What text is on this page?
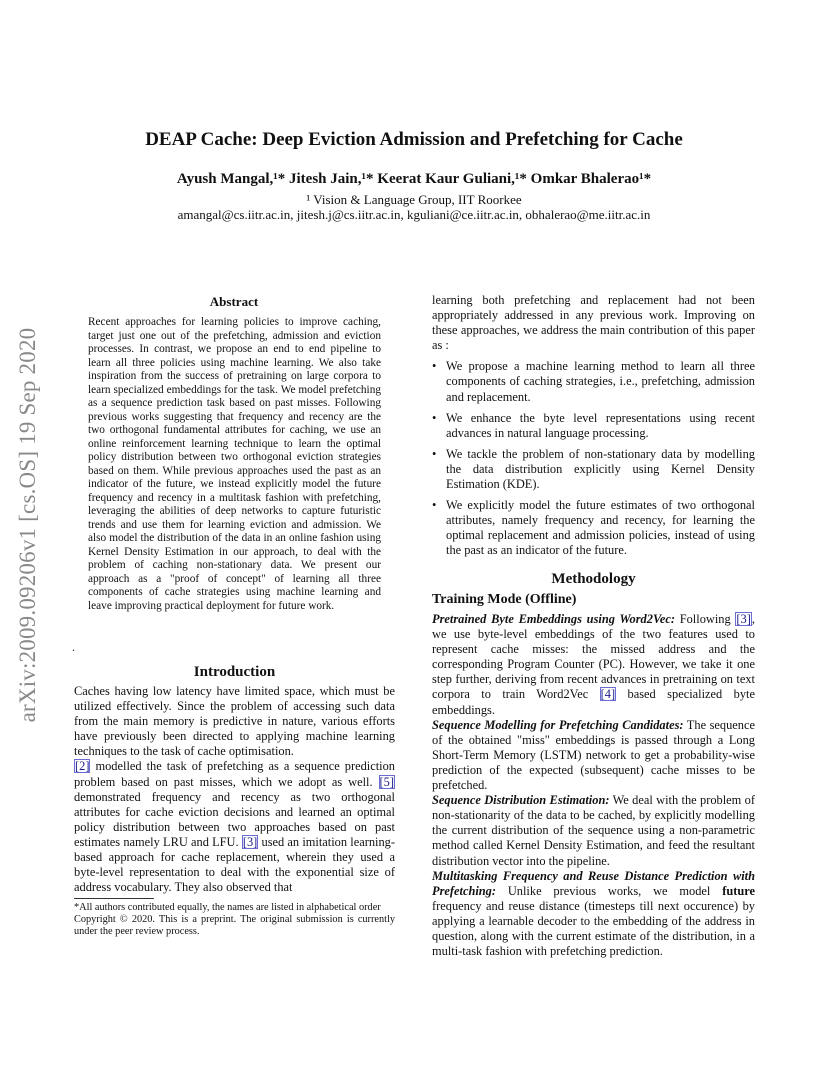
arXiv:2009.09206v1 [cs.OS] 19 Sep 2020
DEAP Cache: Deep Eviction Admission and Prefetching for Cache
Ayush Mangal,¹* Jitesh Jain,¹* Keerat Kaur Guliani,¹* Omkar Bhalerao¹*
¹ Vision & Language Group, IIT Roorkee
amangal@cs.iitr.ac.in, jitesh.j@cs.iitr.ac.in, kguliani@ce.iitr.ac.in, obhalerao@me.iitr.ac.in
Abstract
Recent approaches for learning policies to improve caching, target just one out of the prefetching, admission and eviction processes. In contrast, we propose an end to end pipeline to learn all three policies using machine learning. We also take inspiration from the success of pretraining on large corpora to learn specialized embeddings for the task. We model prefetching as a sequence prediction task based on past misses. Following previous works suggesting that frequency and recency are the two orthogonal fundamental attributes for caching, we use an online reinforcement learning technique to learn the optimal policy distribution between two orthogonal eviction strategies based on them. While previous approaches used the past as an indicator of the future, we instead explicitly model the future frequency and recency in a multitask fashion with prefetching, leveraging the abilities of deep networks to capture futuristic trends and use them for learning eviction and admission. We also model the distribution of the data in an online fashion using Kernel Density Estimation in our approach, to deal with the problem of caching non-stationary data. We present our approach as a "proof of concept" of learning all three components of cache strategies using machine learning and leave improving practical deployment for future work.
.
Introduction
Caches having low latency have limited space, which must be utilized effectively. Since the problem of accessing such data from the main memory is predictive in nature, various efforts have previously been directed to applying machine learning techniques to the task of cache optimisation.
[2] modelled the task of prefetching as a sequence prediction problem based on past misses, which we adopt as well. [5] demonstrated frequency and recency as two orthogonal attributes for cache eviction decisions and learned an optimal policy distribution between two approaches based on past estimates namely LRU and LFU. [3] used an imitation learning-based approach for cache replacement, wherein they used a byte-level representation to deal with the exponential size of address vocabulary. They also observed that

*All authors contributed equally, the names are listed in alphabetical order

Copyright © 2020. This is a preprint. The original submission is currently under the peer review process.

learning both prefetching and replacement had not been appropriately addressed in any previous work. Improving on these approaches, we address the main contribution of this paper as :

• We propose a machine learning method to learn all three components of caching strategies, i.e., prefetching, admission and replacement.
• We enhance the byte level representations using recent advances in natural language processing.
• We tackle the problem of non-stationary data by modelling the data distribution explicitly using Kernel Density Estimation (KDE).
• We explicitly model the future estimates of two orthogonal attributes, namely frequency and recency, for learning the optimal replacement and admission policies, instead of using the past as an indicator of the future.
Methodology
Training Mode (Offline)

Pretrained Byte Embeddings using Word2Vec: Following [3], we use byte-level embeddings of the two features used to represent cache misses: the missed address and the corresponding Program Counter (PC). However, we take it one step further, deriving from recent advances in pretraining on text corpora to train Word2Vec [4] based specialized byte embeddings.

Sequence Modelling for Prefetching Candidates: The sequence of the obtained "miss" embeddings is passed through a Long Short-Term Memory (LSTM) network to get a probability-wise prediction of the expected (subsequent) cache misses to be prefetched.

Sequence Distribution Estimation: We deal with the problem of non-stationarity of the data to be cached, by explicitly modelling the current distribution of the sequence using a non-parametric method called Kernel Density Estimation, and feed the resultant distribution vector into the pipeline.

Multitasking Frequency and Reuse Distance Prediction with Prefetching: Unlike previous works, we model future frequency and reuse distance (timesteps till next occurence) by applying a learnable decoder to the embedding of the address in question, along with the current estimate of the distribution, in a multi-task fashion with prefetching prediction.
